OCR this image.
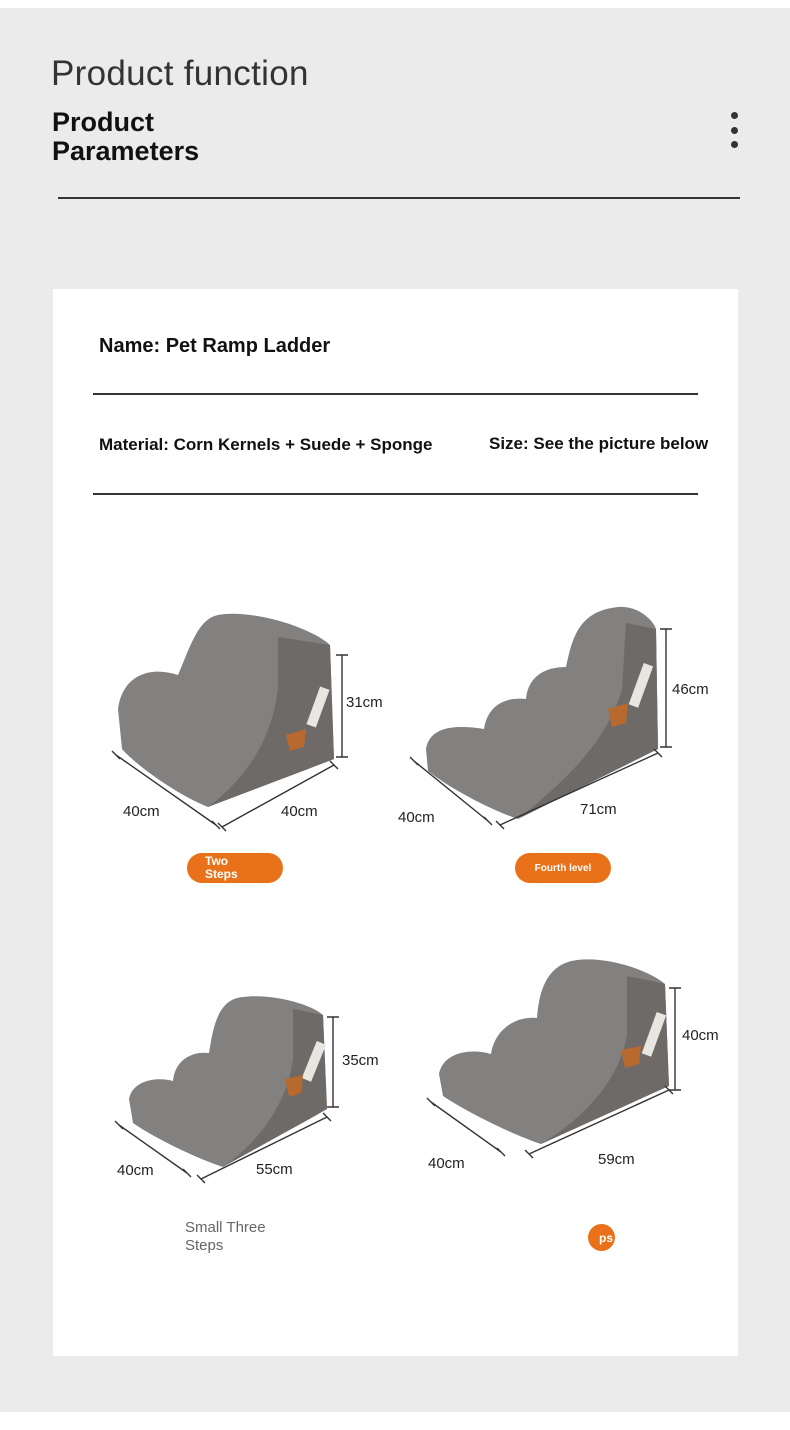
Product function
Product
Parameters
Name: Pet Ramp Ladder
Material: Corn Kernels + Suede + Sponge	Size: See the picture below
31cm
40cm	40cm
Two
Steps
46cm
40cm	71cm
Fourth level
35cm
40cm	55cm
Small Three
Steps
40cm
40cm	59cm
ps
